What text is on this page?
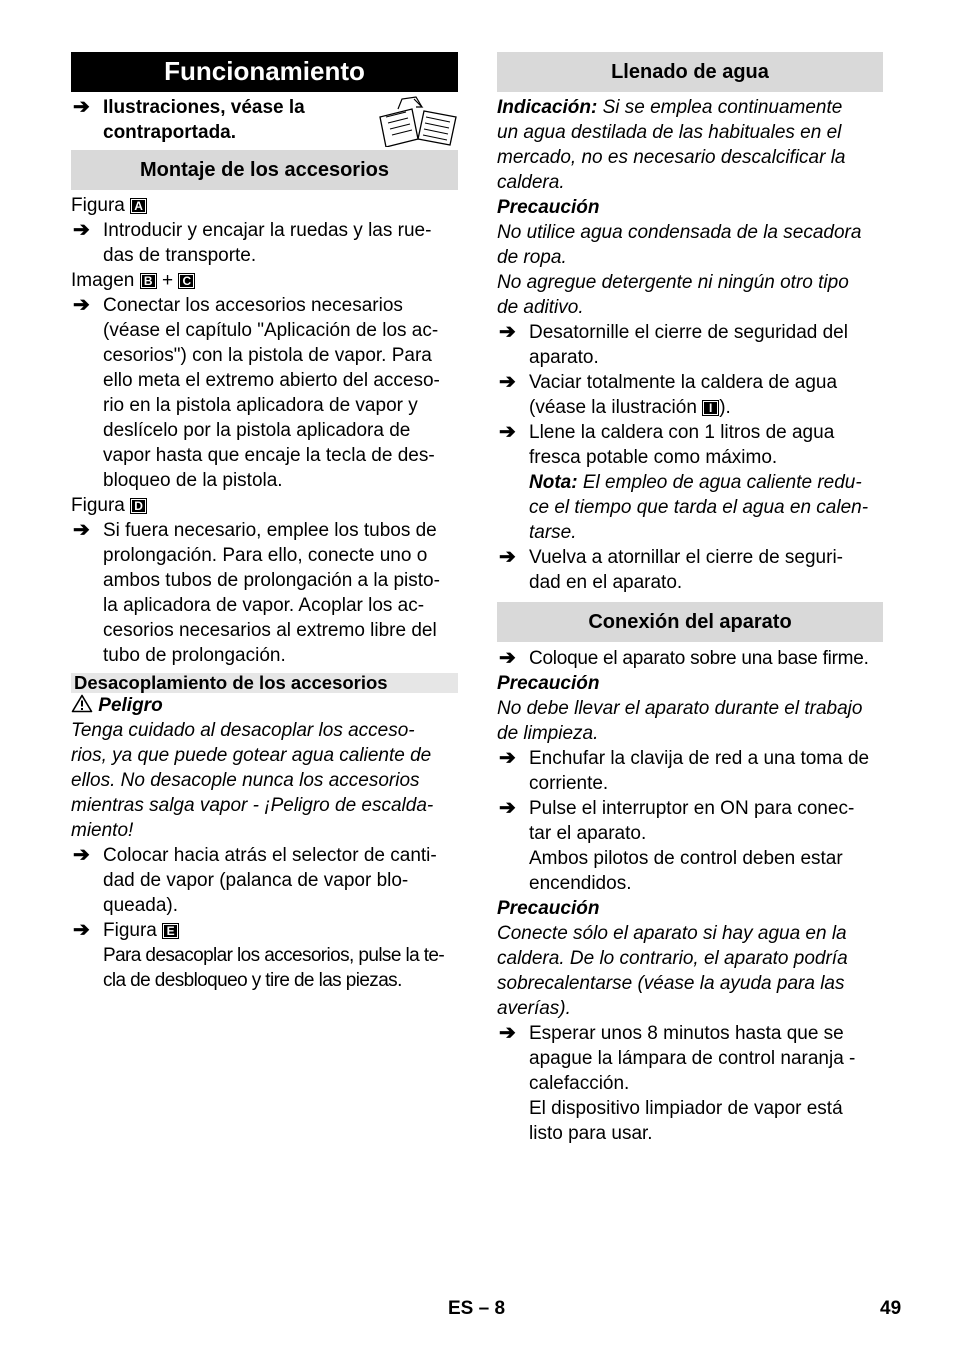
Funcionamiento
➔ Ilustraciones, véase la
contraportada.
Montaje de los accesorios
Figura A
➔ Introducir y encajar la ruedas y las rue-
das de transporte.
Imagen B + C
➔ Conectar los accesorios necesarios
(véase el capítulo "Aplicación de los ac-
cesorios") con la pistola de vapor. Para
ello meta el extremo abierto del acceso-
rio en la pistola aplicadora de vapor y
deslícelo por la pistola aplicadora de
vapor hasta que encaje la tecla de des-
bloqueo de la pistola.
Figura D
➔ Si fuera necesario, emplee los tubos de
prolongación. Para ello, conecte uno o
ambos tubos de prolongación a la pisto-
la aplicadora de vapor. Acoplar los ac-
cesorios necesarios al extremo libre del
tubo de prolongación.
Desacoplamiento de los accesorios
Peligro
Tenga cuidado al desacoplar los acceso-
rios, ya que puede gotear agua caliente de
ellos. No desacople nunca los accesorios
mientras salga vapor - ¡Peligro de escalda-
miento!
➔ Colocar hacia atrás el selector de canti-
dad de vapor (palanca de vapor blo-
queada).
➔ Figura E
Para desacoplar los accesorios, pulse la te-
cla de desbloqueo y tire de las piezas.
Llenado de agua
Indicación: Si se emplea continuamente
un agua destilada de las habituales en el
mercado, no es necesario descalcificar la
caldera.
Precaución
No utilice agua condensada de la secadora
de ropa.
No agregue detergente ni ningún otro tipo
de aditivo.
➔ Desatornille el cierre de seguridad del
aparato.
➔ Vaciar totalmente la caldera de agua
(véase la ilustración I ).
➔ Llene la caldera con 1 litros de agua
fresca potable como máximo.
Nota: El empleo de agua caliente redu-
ce el tiempo que tarda el agua en calen-
tarse.
➔ Vuelva a atornillar el cierre de seguri-
dad en el aparato.
Conexión del aparato
➔ Coloque el aparato sobre una base firme.
Precaución
No debe llevar el aparato durante el trabajo
de limpieza.
➔ Enchufar la clavija de red a una toma de
corriente.
➔ Pulse el interruptor en ON para conec-
tar el aparato.
Ambos pilotos de control deben estar
encendidos.
Precaución
Conecte sólo el aparato si hay agua en la
caldera. De lo contrario, el aparato podría
sobrecalentarse (véase la ayuda para las
averías).
➔ Esperar unos 8 minutos hasta que se
apague la lámpara de control naranja -
calefacción.
El dispositivo limpiador de vapor está
listo para usar.
ES – 8	49
